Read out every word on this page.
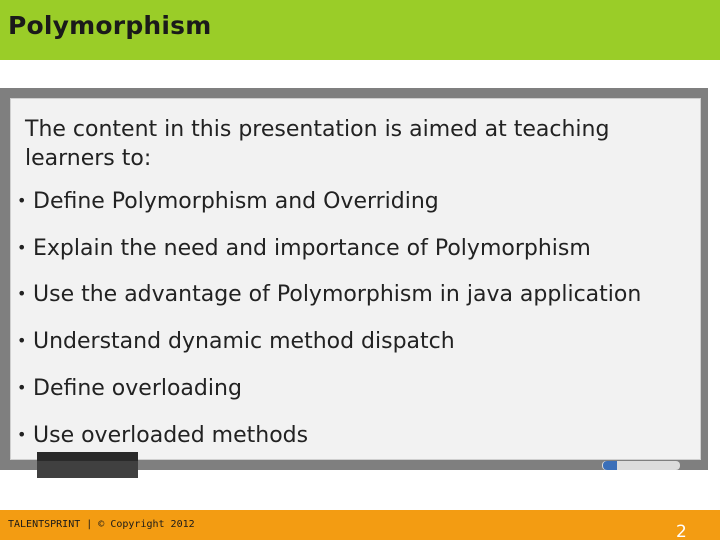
Polymorphism
The content in this presentation is aimed at teaching learners to:
• Define Polymorphism and Overriding
• Explain the need and importance of Polymorphism
• Use the advantage of Polymorphism in java application
• Understand dynamic method dispatch
• Define overloading
• Use overloaded methods
TALENTSPRINT | © Copyright 2012	2
